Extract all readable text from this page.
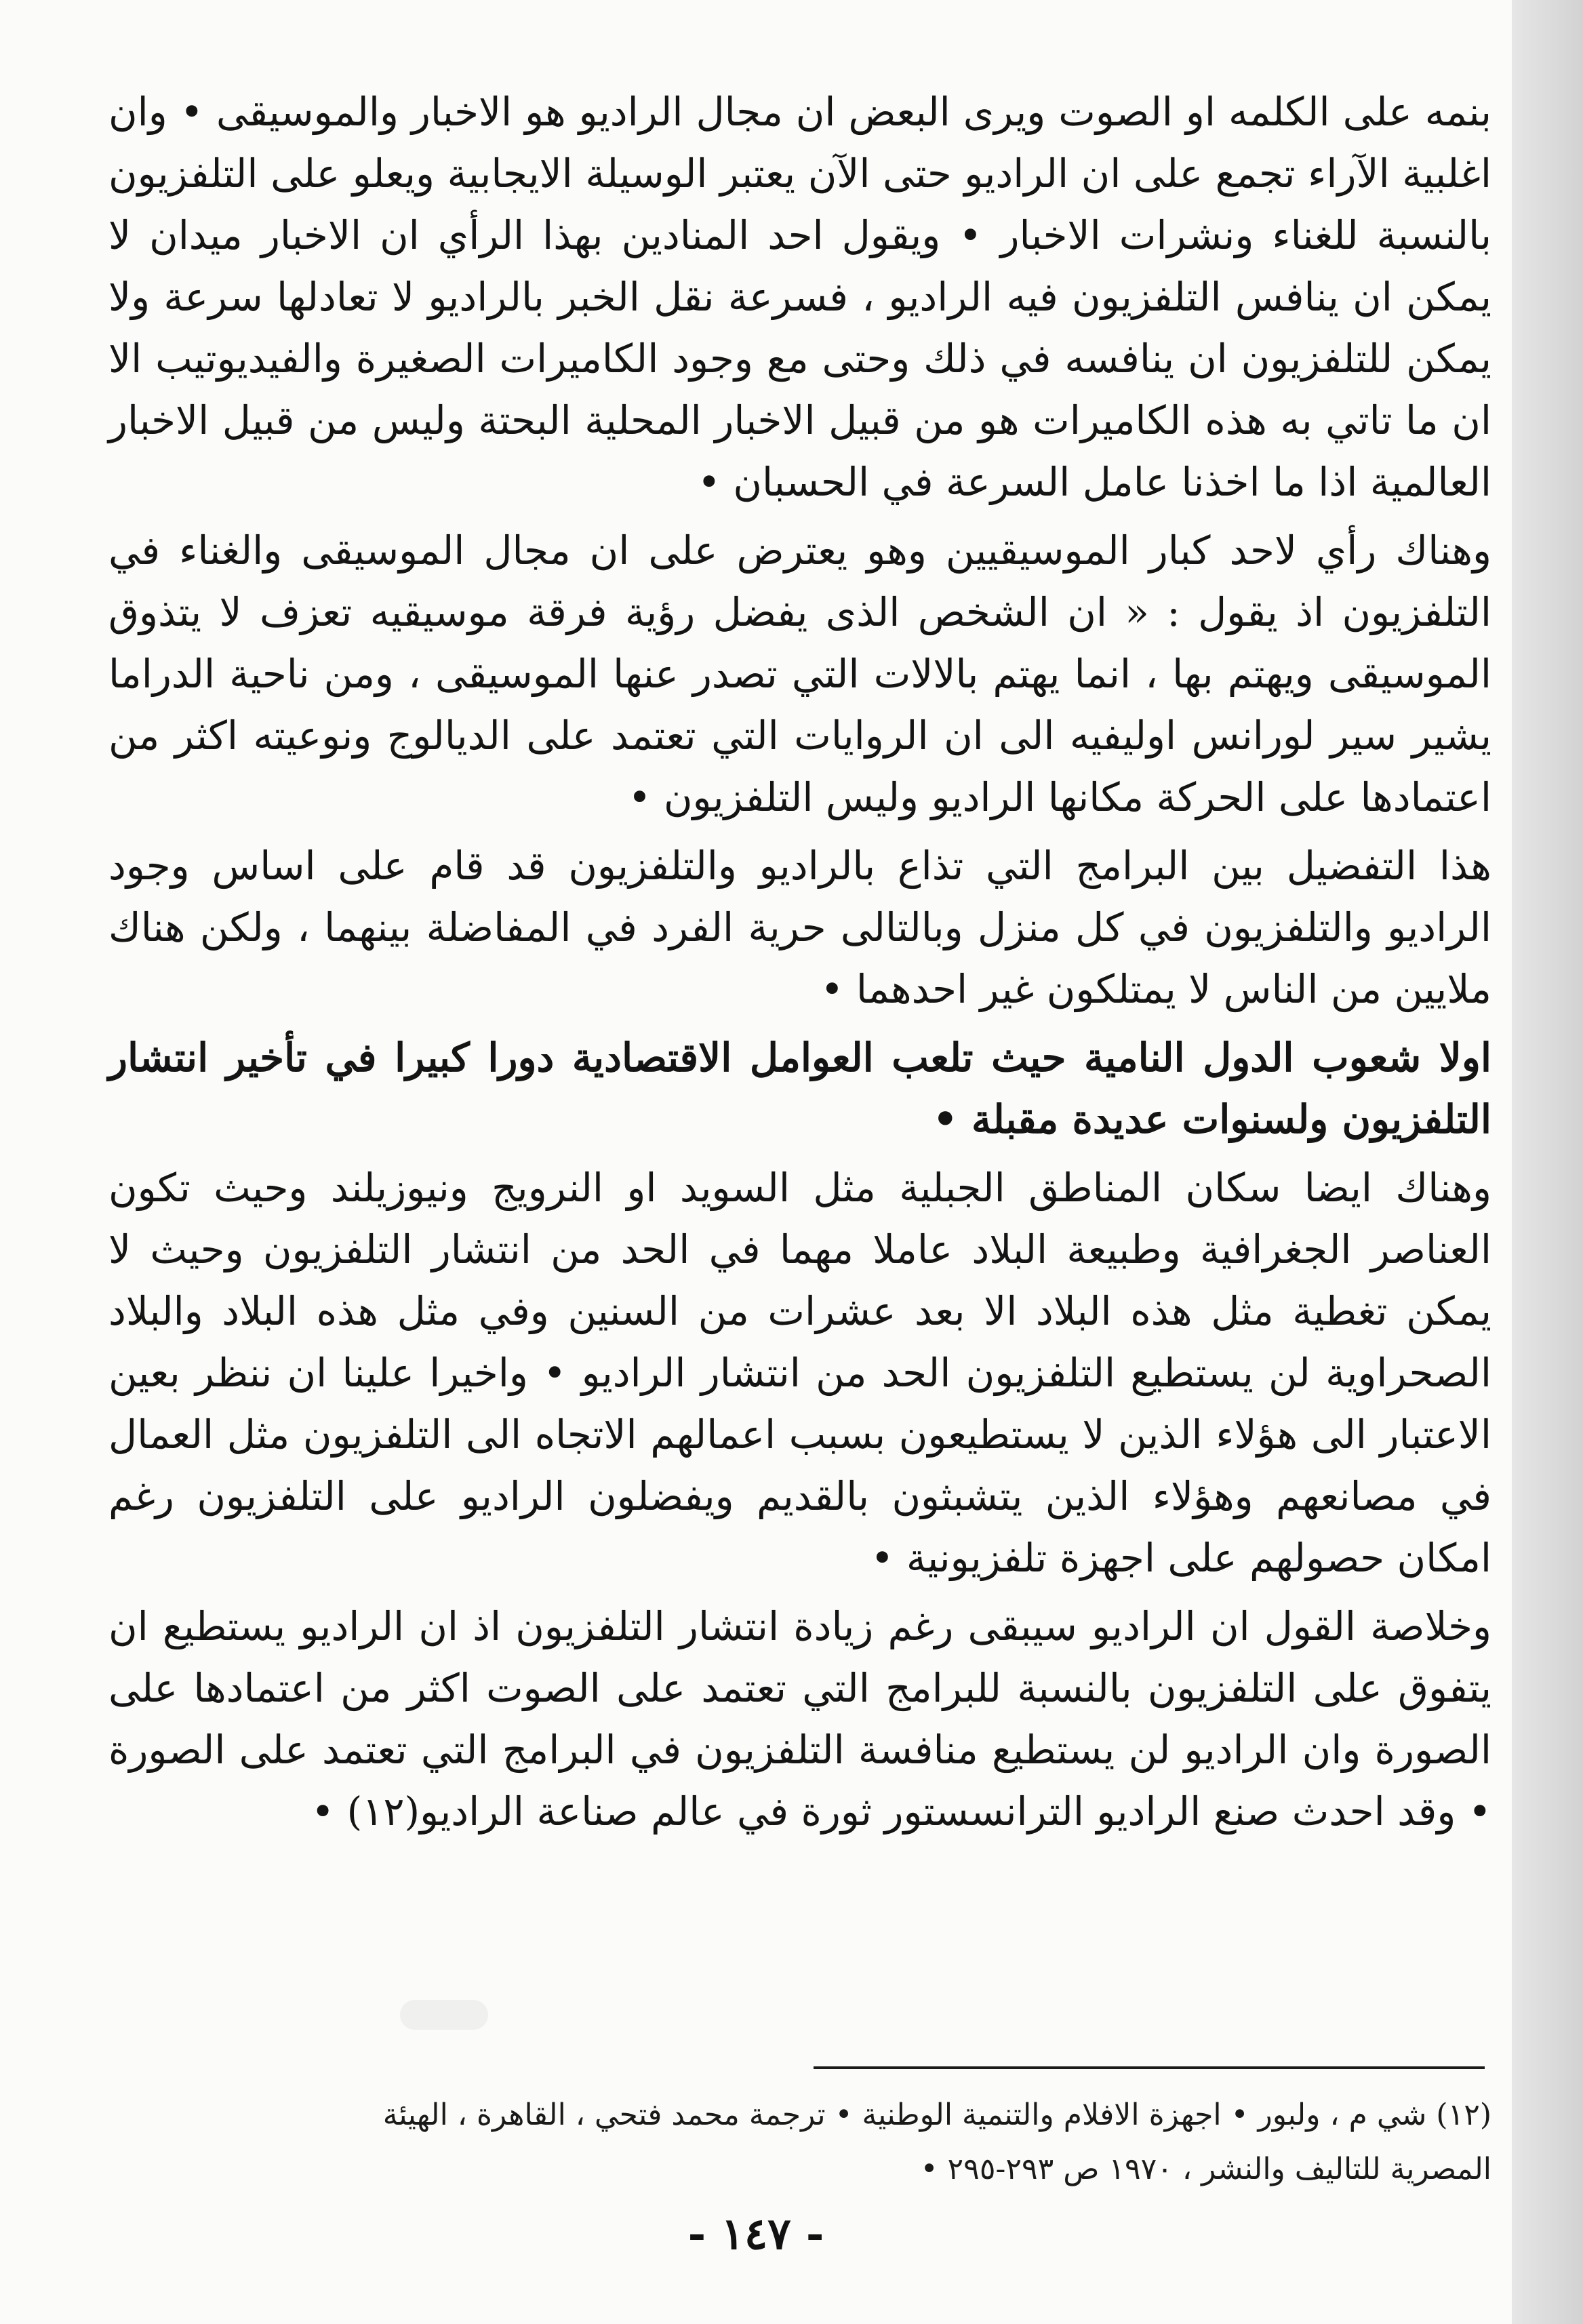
بنمه على الكلمه او الصوت ويرى البعض ان مجال الراديو هو الاخبار والموسيقى • وان اغلبية الآراء تجمع على ان الراديو حتى الآن يعتبر الوسيلة الايجابية ويعلو على التلفزيون بالنسبة للغناء ونشرات الاخبار • ويقول احد المنادين بهذا الرأي ان الاخبار ميدان لا يمكن ان ينافس التلفزيون فيه الراديو ، فسرعة نقل الخبر بالراديو لا تعادلها سرعة ولا يمكن للتلفزيون ان ينافسه في ذلك وحتى مع وجود الكاميرات الصغيرة والفيديوتيب الا ان ما تاتي به هذه الكاميرات هو من قبيل الاخبار المحلية البحتة وليس من قبيل الاخبار العالمية اذا ما اخذنا عامل السرعة في الحسبان •

وهناك رأي لاحد كبار الموسيقيين وهو يعترض على ان مجال الموسيقى والغناء في التلفزيون اذ يقول : « ان الشخص الذى يفضل رؤية فرقة موسيقيه تعزف لا يتذوق الموسيقى ويهتم بها ، انما يهتم بالالات التي تصدر عنها الموسيقى ، ومن ناحية الدراما يشير سير لورانس اوليفيه الى ان الروايات التي تعتمد على الديالوج ونوعيته اكثر من اعتمادها على الحركة مكانها الراديو وليس التلفزيون •

هذا التفضيل بين البرامج التي تذاع بالراديو والتلفزيون قد قام على اساس وجود الراديو والتلفزيون في كل منزل وبالتالى حرية الفرد في المفاضلة بينهما ، ولكن هناك ملايين من الناس لا يمتلكون غير احدهما •

اولا شعوب الدول النامية حيث تلعب العوامل الاقتصادية دورا كبيرا في تأخير انتشار التلفزيون ولسنوات عديدة مقبلة •

وهناك ايضا سكان المناطق الجبلية مثل السويد او النرويج ونيوزيلند وحيث تكون العناصر الجغرافية وطبيعة البلاد عاملا مهما في الحد من انتشار التلفزيون وحيث لا يمكن تغطية مثل هذه البلاد الا بعد عشرات من السنين وفي مثل هذه البلاد والبلاد الصحراوية لن يستطيع التلفزيون الحد من انتشار الراديو • واخيرا علينا ان ننظر بعين الاعتبار الى هؤلاء الذين لا يستطيعون بسبب اعمالهم الاتجاه الى التلفزيون مثل العمال في مصانعهم وهؤلاء الذين يتشبثون بالقديم ويفضلون الراديو على التلفزيون رغم امكان حصولهم على اجهزة تلفزيونية •

وخلاصة القول ان الراديو سيبقى رغم زيادة انتشار التلفزيون اذ ان الراديو يستطيع ان يتفوق على التلفزيون بالنسبة للبرامج التي تعتمد على الصوت اكثر من اعتمادها على الصورة وان الراديو لن يستطيع منافسة التلفزيون في البرامج التي تعتمد على الصورة • وقد احدث صنع الراديو الترانسستور ثورة في عالم صناعة الراديو(١٢) •

(١٢) شي م ، ولبور • اجهزة الافلام والتنمية الوطنية • ترجمة محمد فتحي ، القاهرة ، الهيئة
المصرية للتاليف والنشر ، ١٩٧٠ ص ٢٩٣-٢٩٥ •
- ١٤٧ -
